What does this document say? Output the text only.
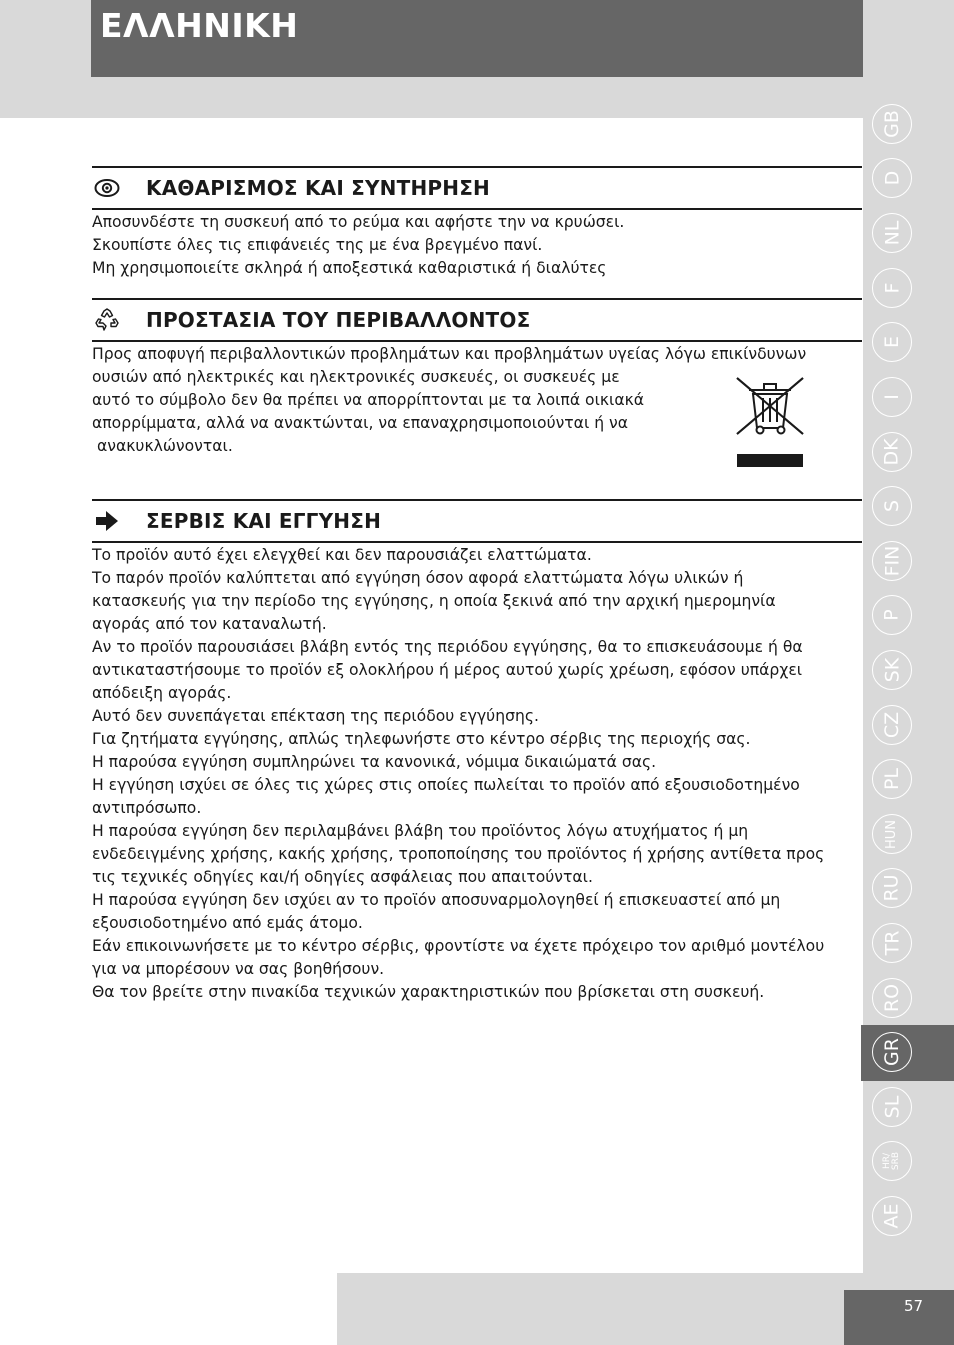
ΕΛΛΗΝΙΚΗ
ΚΑΘΑΡΙΣΜΟΣ ΚΑΙ ΣΥΝΤΗΡΗΣΗ

Αποσυνδέστε τη συσκευή από το ρεύμα και αφήστε την να κρυώσει.

Σκουπίστε όλες τις επιφάνειές της με ένα βρεγμένο πανί.

Μη χρησιμοποιείτε σκληρά ή αποξεστικά καθαριστικά ή διαλύτες

ΠΡΟΣΤΑΣΙΑ ΤΟΥ ΠΕΡΙΒΑΛΛΟΝΤΟΣ

Προς αποφυγή περιβαλλοντικών προβλημάτων και προβλημάτων υγείας λόγω επικίνδυνων

ουσιών από ηλεκτρικές και ηλεκτρονικές συσκευές, οι συσκευές με

αυτό το σύμβολο δεν θα πρέπει να απορρίπτονται με τα λοιπά οικιακά

απορρίμματα, αλλά να ανακτώνται, να επαναχρησιμοποιούνται ή να

ανακυκλώνονται.

ΣΕΡΒΙΣ ΚΑΙ ΕΓΓΥΗΣΗ

Το προϊόν αυτό έχει ελεγχθεί και δεν παρουσιάζει ελαττώματα.

Το παρόν προϊόν καλύπτεται από εγγύηση όσον αφορά ελαττώματα λόγω υλικών ή

κατασκευής για την περίοδο της εγγύησης, η οποία ξεκινά από την αρχική ημερομηνία

αγοράς από τον καταναλωτή.

Αν το προϊόν παρουσιάσει βλάβη εντός της περιόδου εγγύησης, θα το επισκευάσουμε ή θα

αντικαταστήσουμε το προϊόν εξ ολοκλήρου ή μέρος αυτού χωρίς χρέωση, εφόσον υπάρχει

απόδειξη αγοράς.

Αυτό δεν συνεπάγεται επέκταση της περιόδου εγγύησης.

Για ζητήματα εγγύησης, απλώς τηλεφωνήστε στο κέντρο σέρβις της περιοχής σας.

Η παρούσα εγγύηση συμπληρώνει τα κανονικά, νόμιμα δικαιώματά σας.

Η εγγύηση ισχύει σε όλες τις χώρες στις οποίες πωλείται το προϊόν από εξουσιοδοτημένο

αντιπρόσωπο.

Η παρούσα εγγύηση δεν περιλαμβάνει βλάβη του προϊόντος λόγω ατυχήματος ή μη

ενδεδειγμένης χρήσης, κακής χρήσης, τροποποίησης του προϊόντος ή χρήσης αντίθετα προς

τις τεχνικές οδηγίες και/ή οδηγίες ασφάλειας που απαιτούνται.

Η παρούσα εγγύηση δεν ισχύει αν το προϊόν αποσυναρμολογηθεί ή επισκευαστεί από μη

εξουσιοδοτημένο από εμάς άτομο.

Εάν επικοινωνήσετε με το κέντρο σέρβις, φροντίστε να έχετε πρόχειρο τον αριθμό μοντέλου

για να μπορέσουν να σας βοηθήσουν.

Θα τον βρείτε στην πινακίδα τεχνικών χαρακτηριστικών που βρίσκεται στη συσκευή.

GB
D
NL
F
E
I
DK
S
FIN
P
SK
CZ
PL
HUN
RU
TR
RO
GR
SL
HR/
SRB
AE
57
